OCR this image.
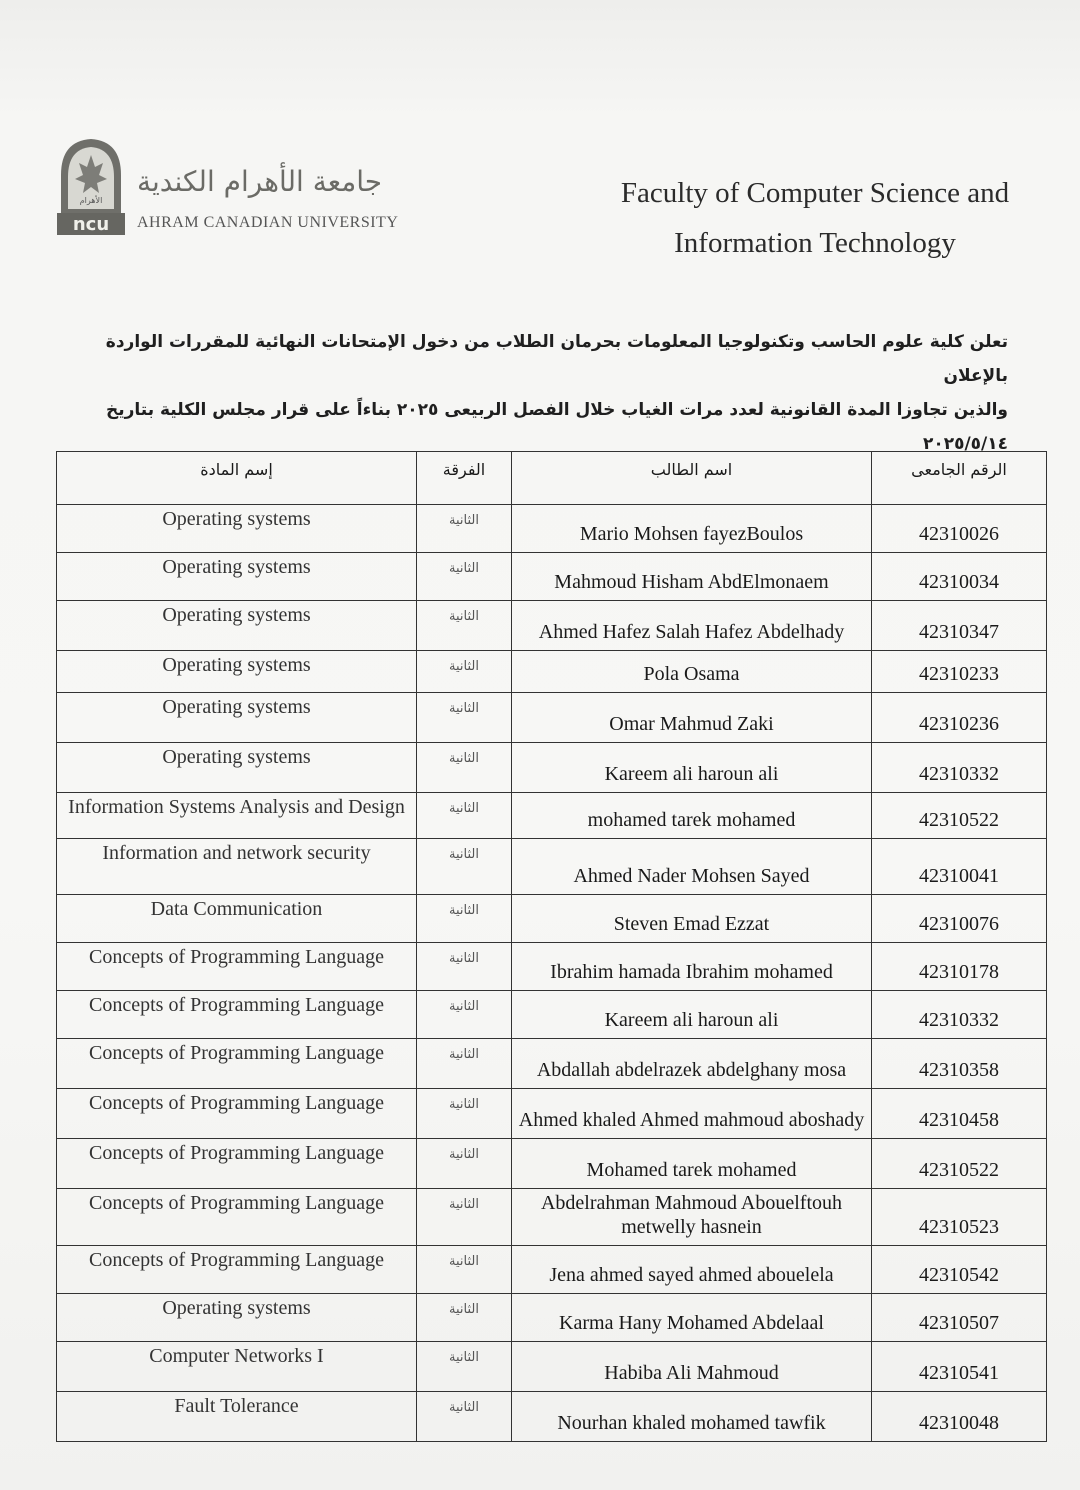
الأهرام
ncu
جامعة الأهرام الكندية
AHRAM CANADIAN UNIVERSITY
Faculty of Computer Science and
Information Technology
تعلن كلية علوم الحاسب وتكنولوجيا المعلومات بحرمان الطلاب من دخول الإمتحانات النهائية للمقررات الواردة بالإعلان
والذين تجاوزا المدة القانونية لعدد مرات الغياب خلال الفصل الربيعى ٢٠٢٥ بناءاً على قرار مجلس الكلية بتاريخ
٢٠٢٥/٥/١٤
إسم المادة	الفرقة	اسم الطالب	الرقم الجامعى
Operating systems	الثانية	Mario Mohsen fayezBoulos	42310026
Operating systems	الثانية	Mahmoud Hisham AbdElmonaem	42310034
Operating systems	الثانية	Ahmed Hafez Salah Hafez Abdelhady	42310347
Operating systems	الثانية	Pola Osama	42310233
Operating systems	الثانية	Omar Mahmud Zaki	42310236
Operating systems	الثانية	Kareem ali haroun ali	42310332
Information Systems Analysis and Design	الثانية	mohamed tarek mohamed	42310522
Information and network security	الثانية	Ahmed Nader Mohsen Sayed	42310041
Data Communication	الثانية	Steven Emad Ezzat	42310076
Concepts of Programming Language	الثانية	Ibrahim hamada Ibrahim mohamed	42310178
Concepts of Programming Language	الثانية	Kareem ali haroun ali	42310332
Concepts of Programming Language	الثانية	Abdallah abdelrazek abdelghany mosa	42310358
Concepts of Programming Language	الثانية	Ahmed khaled Ahmed mahmoud aboshady	42310458
Concepts of Programming Language	الثانية	Mohamed tarek mohamed	42310522
Concepts of Programming Language	الثانية	Abdelrahman Mahmoud Abouelftouh metwelly hasnein	42310523
Concepts of Programming Language	الثانية	Jena ahmed sayed ahmed abouelela	42310542
Operating systems	الثانية	Karma Hany Mohamed Abdelaal	42310507
Computer Networks I	الثانية	Habiba Ali Mahmoud	42310541
Fault Tolerance	الثانية	Nourhan khaled mohamed tawfik	42310048
